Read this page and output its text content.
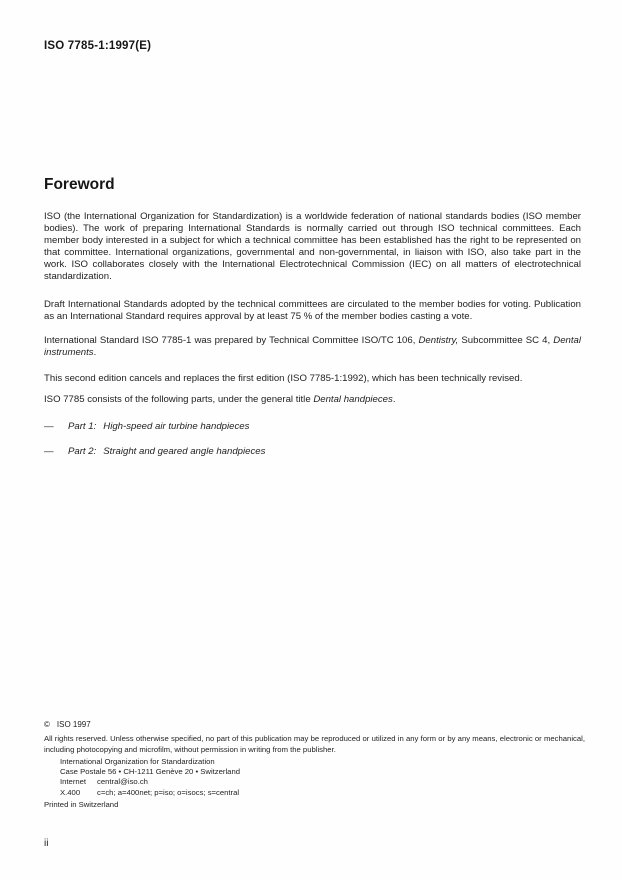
ISO 7785-1:1997(E)
Foreword

ISO (the International Organization for Standardization) is a worldwide federation of national standards bodies (ISO member bodies). The work of preparing International Standards is normally carried out through ISO technical committees. Each member body interested in a subject for which a technical committee has been established has the right to be represented on that committee. International organizations, governmental and non-governmental, in liaison with ISO, also take part in the work. ISO collaborates closely with the International Electrotechnical Commission (IEC) on all matters of electrotechnical standardization.

Draft International Standards adopted by the technical committees are circulated to the member bodies for voting. Publication as an International Standard requires approval by at least 75 % of the member bodies casting a vote.

International Standard ISO 7785-1 was prepared by Technical Committee ISO/TC 106, Dentistry, Subcommittee SC 4, Dental instruments.

This second edition cancels and replaces the first edition (ISO 7785-1:1992), which has been technically revised.

ISO 7785 consists of the following parts, under the general title Dental handpieces.

— Part 1: High-speed air turbine handpieces
— Part 2: Straight and geared angle handpieces
© ISO 1997

All rights reserved. Unless otherwise specified, no part of this publication may be reproduced or utilized in any form or by any means, electronic or mechanical, including photocopying and microfilm, without permission in writing from the publisher.

International Organization for Standardization
Case Postale 56 • CH-1211 Genève 20 • Switzerland
Internet central@iso.ch
X.400 c=ch; a=400net; p=iso; o=isocs; s=central
Printed in Switzerland
ii
